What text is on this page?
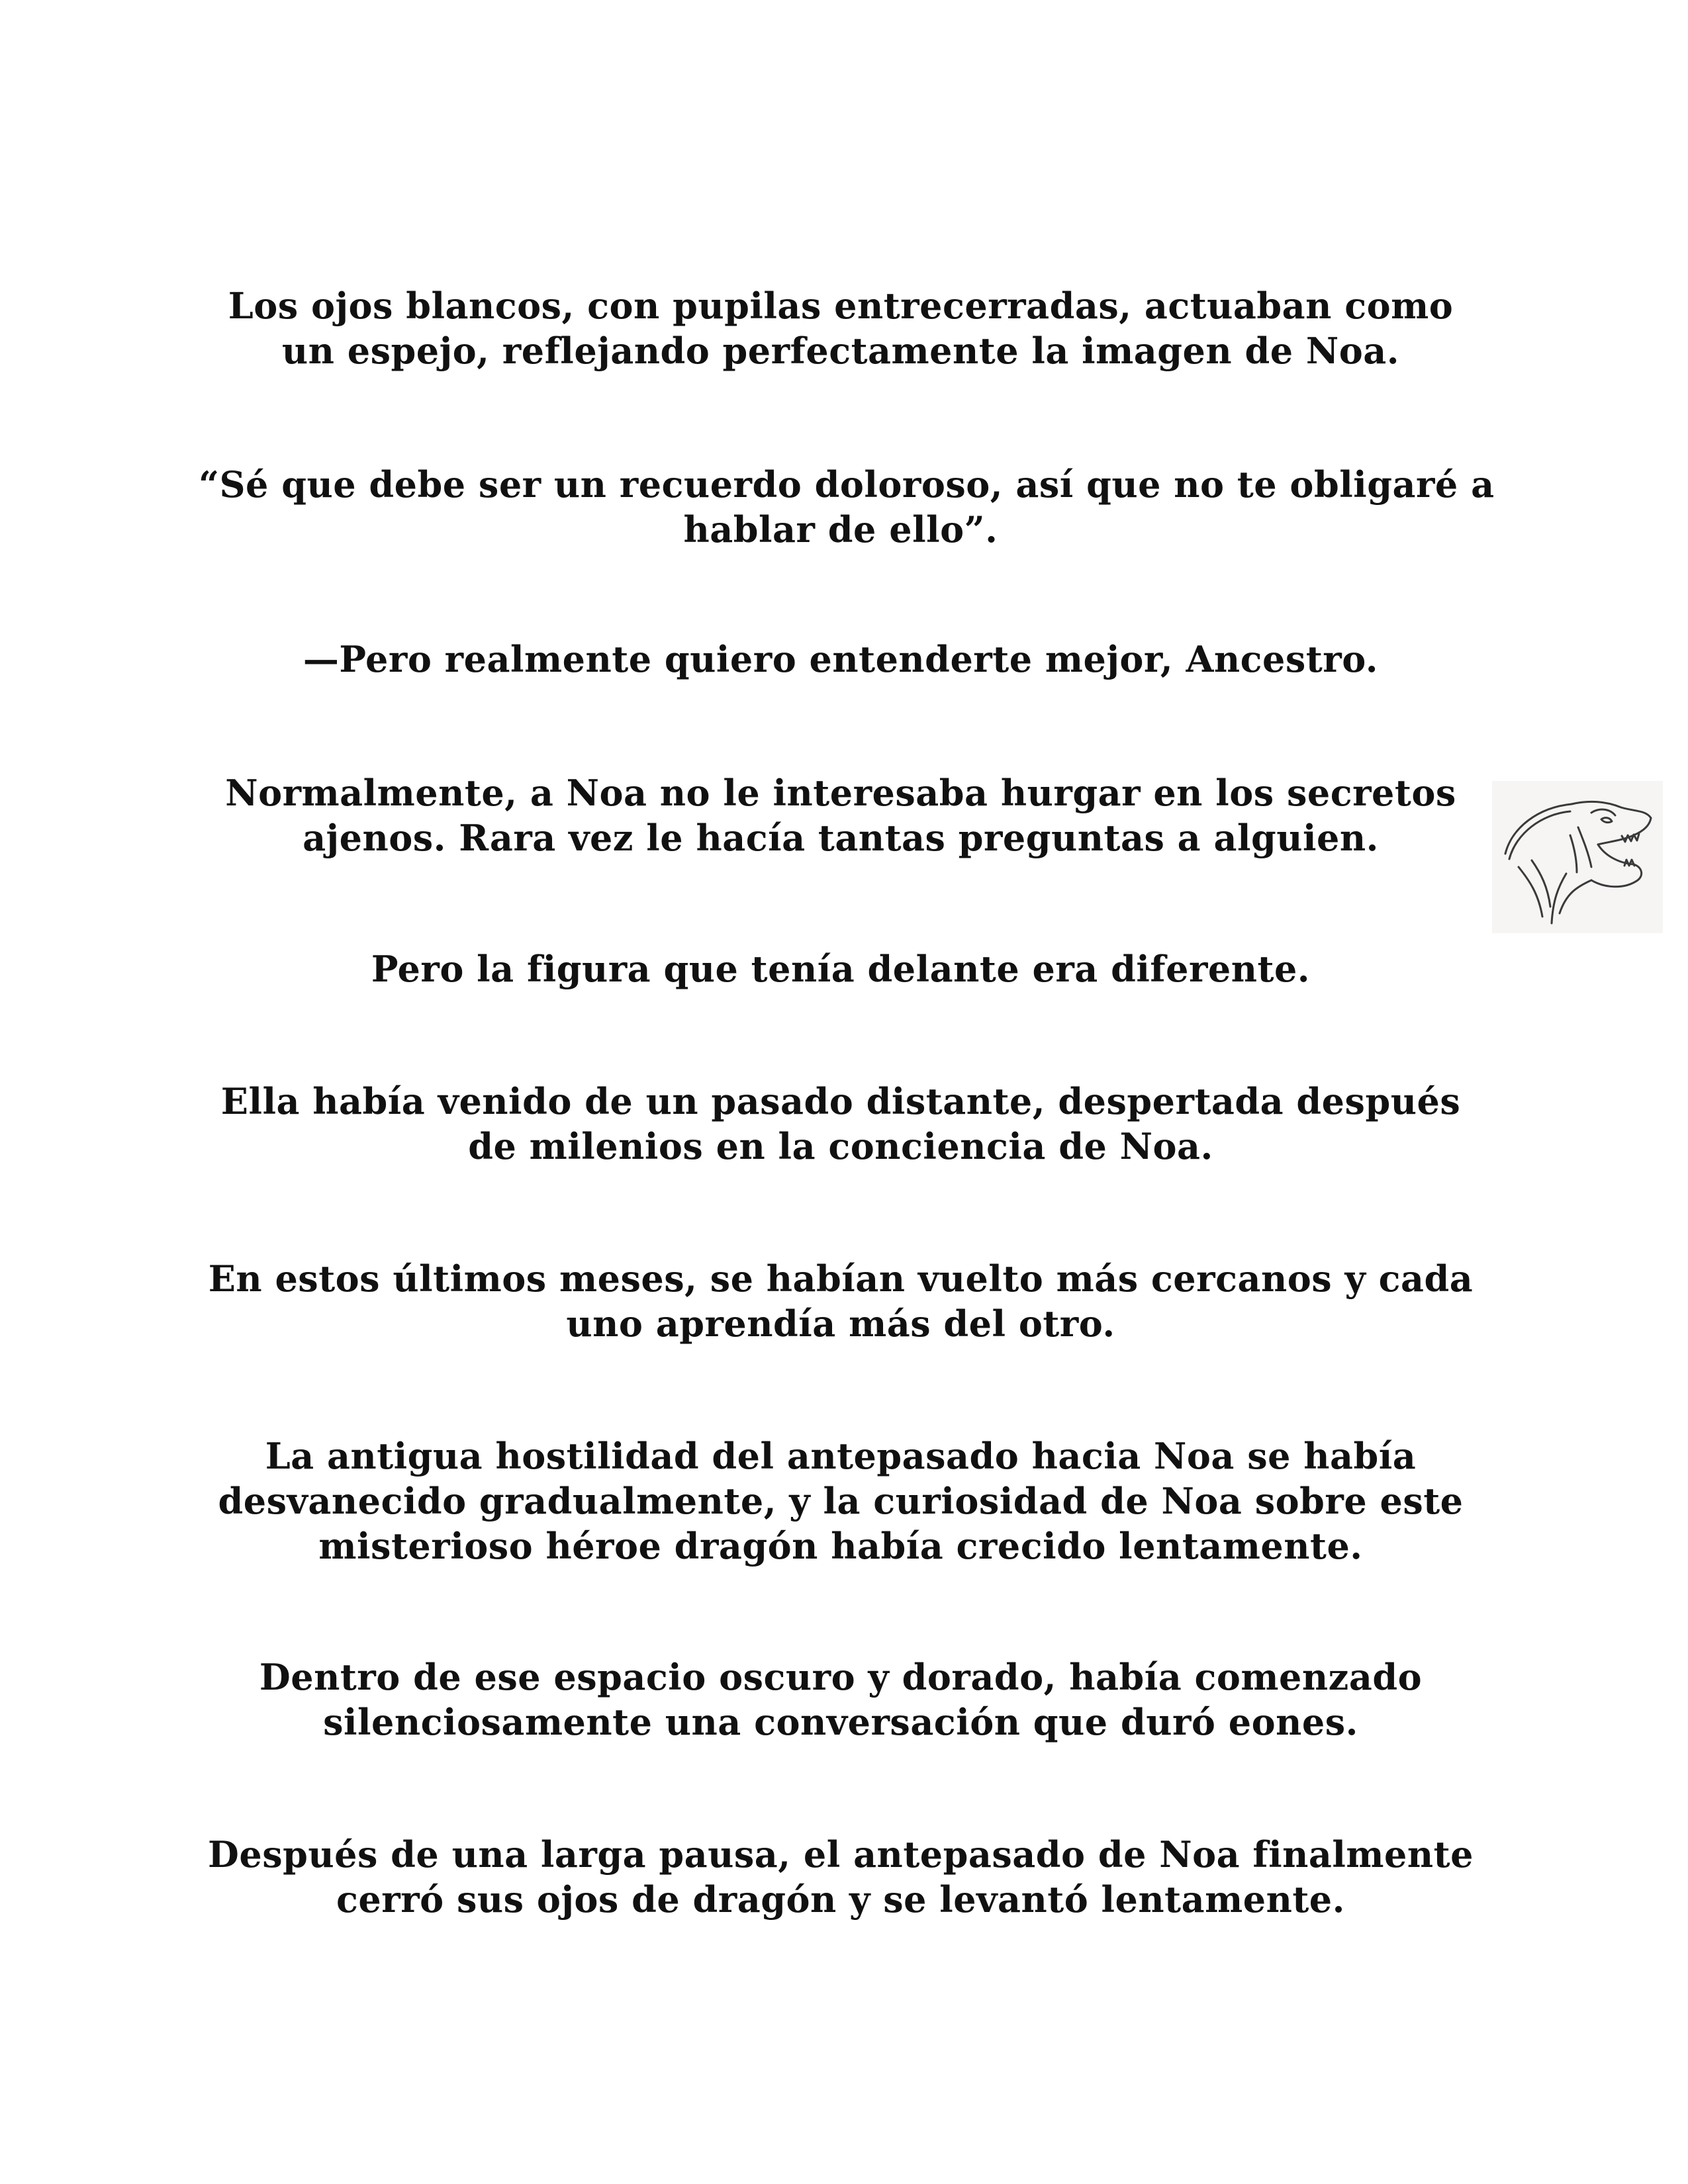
Los ojos blancos, con pupilas entrecerradas, actuaban como
un espejo, reflejando perfectamente la imagen de Noa.

“Sé que debe ser un recuerdo doloroso, así que no te obligaré a
hablar de ello”.

—Pero realmente quiero entenderte mejor, Ancestro.

Normalmente, a Noa no le interesaba hurgar en los secretos
ajenos. Rara vez le hacía tantas preguntas a alguien.

Pero la figura que tenía delante era diferente.

Ella había venido de un pasado distante, despertada después
de milenios en la conciencia de Noa.

En estos últimos meses, se habían vuelto más cercanos y cada
uno aprendía más del otro.

La antigua hostilidad del antepasado hacia Noa se había
desvanecido gradualmente, y la curiosidad de Noa sobre este
misterioso héroe dragón había crecido lentamente.

Dentro de ese espacio oscuro y dorado, había comenzado
silenciosamente una conversación que duró eones.

Después de una larga pausa, el antepasado de Noa finalmente
cerró sus ojos de dragón y se levantó lentamente.
